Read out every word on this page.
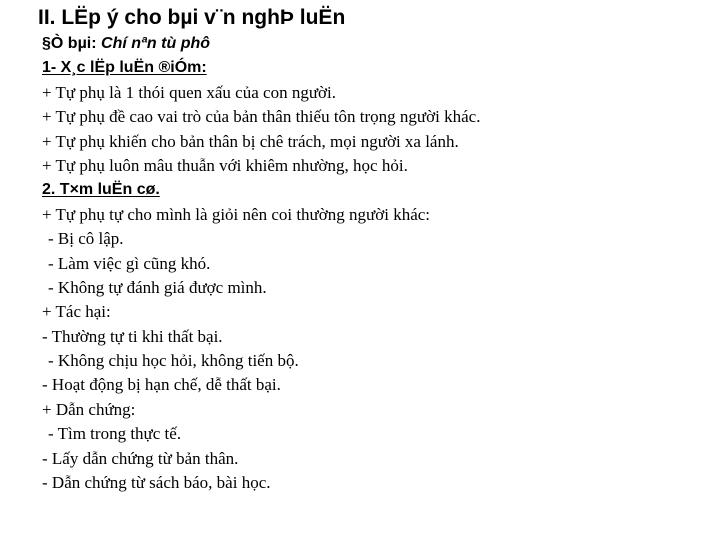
II. LËp ý cho bµi v¨n nghÞ luËn
§Ò bµi: Chí nªn tù phô
1- X¸c lËp luËn ®iÓm:
+ Tự phụ là 1 thói quen xấu của con người.
+ Tự phụ đề cao vai trò của bản thân thiếu tôn trọng người khác.
+ Tự phụ khiến cho bản thân bị chê trách, mọi người xa lánh.
+ Tự phụ luôn mâu thuẫn với khiêm nhường, học hỏi.
2. T×m luËn cø.
+ Tự phụ tự cho mình là giỏi nên coi thường người khác:
- Bị cô lập.
- Làm việc gì cũng khó.
- Không tự đánh giá được mình.
+ Tác hại:
- Thường tự ti khi thất bại.
- Không chịu học hỏi, không tiến bộ.
- Hoạt động bị hạn chế, dễ thất bại.
+ Dẫn chứng:
- Tìm trong thực tế.
- Lấy dẫn chứng từ bản thân.
- Dẫn chứng từ sách báo, bài học.
